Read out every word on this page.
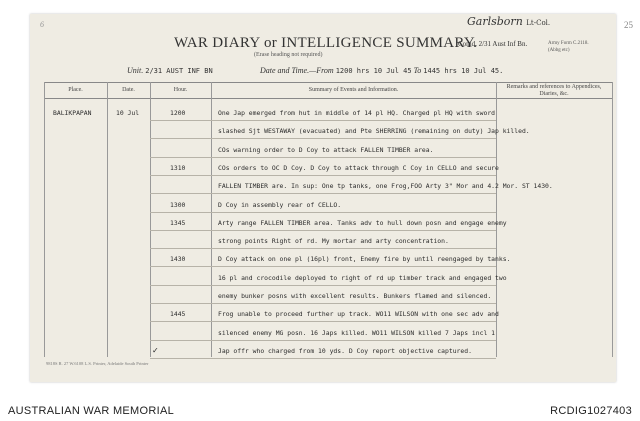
6	25
Garlsborn Lt-Col.
WAR DIARY or INTELLIGENCE SUMMARY.
(Erase heading not required)
Comd, 2/31 Aust Inf Bn.	Army Form C.2118.
(Abbg etc)
Unit. 2/31 AUST INF BN	Date and Time.—From 1200 hrs 10 Jul 45 To 1445 hrs 10 Jul 45.
Place.	Date.	Hour.	Summary of Events and Information.	Remarks and references to Appendices, Diaries, &c.
BALIKPAPAN	10 Jul	1200	One Jap emerged from hut in middle of 14 pl HQ. Charged pl HQ with sword
slashed Sjt WESTAWAY (evacuated) and Pte SHERRING (remaining on duty) Jap killed.
COs warning order to D Coy to attack FALLEN TIMBER area.
1310	COs orders to OC D Coy. D Coy to attack through C Coy in CELLO and secure
FALLEN TIMBER are. In sup: One tp tanks, one Frog,FOO Arty 3" Mor and 4.2 Mor. ST 1430.
1300	D Coy in assembly rear of CELLO.
1345	Arty range FALLEN TIMBER area. Tanks adv to hull down posn and engage enemy
strong points Right of rd. My mortar and arty concentration.
1430	D Coy attack on one pl (16pl) front, Enemy fire by until reengaged by tanks.
16 pl and crocodile deployed to right of rd up timber track and engaged two
enemy bunker posns with excellent results. Bunkers flamed and silenced.
1445	Frog unable to proceed further up track. WO11 WILSON with one sec adv and
silenced enemy MG posn. 16 Japs killed. WO11 WILSON killed 7 Japs incl 1
Jap offr who charged from 10 yds. D Coy report objective captured.
✓
9818S R. 27 W.6108 L.S. Printer, Adelaide South Printer
AUSTRALIAN WAR MEMORIAL	RCDIG1027403
